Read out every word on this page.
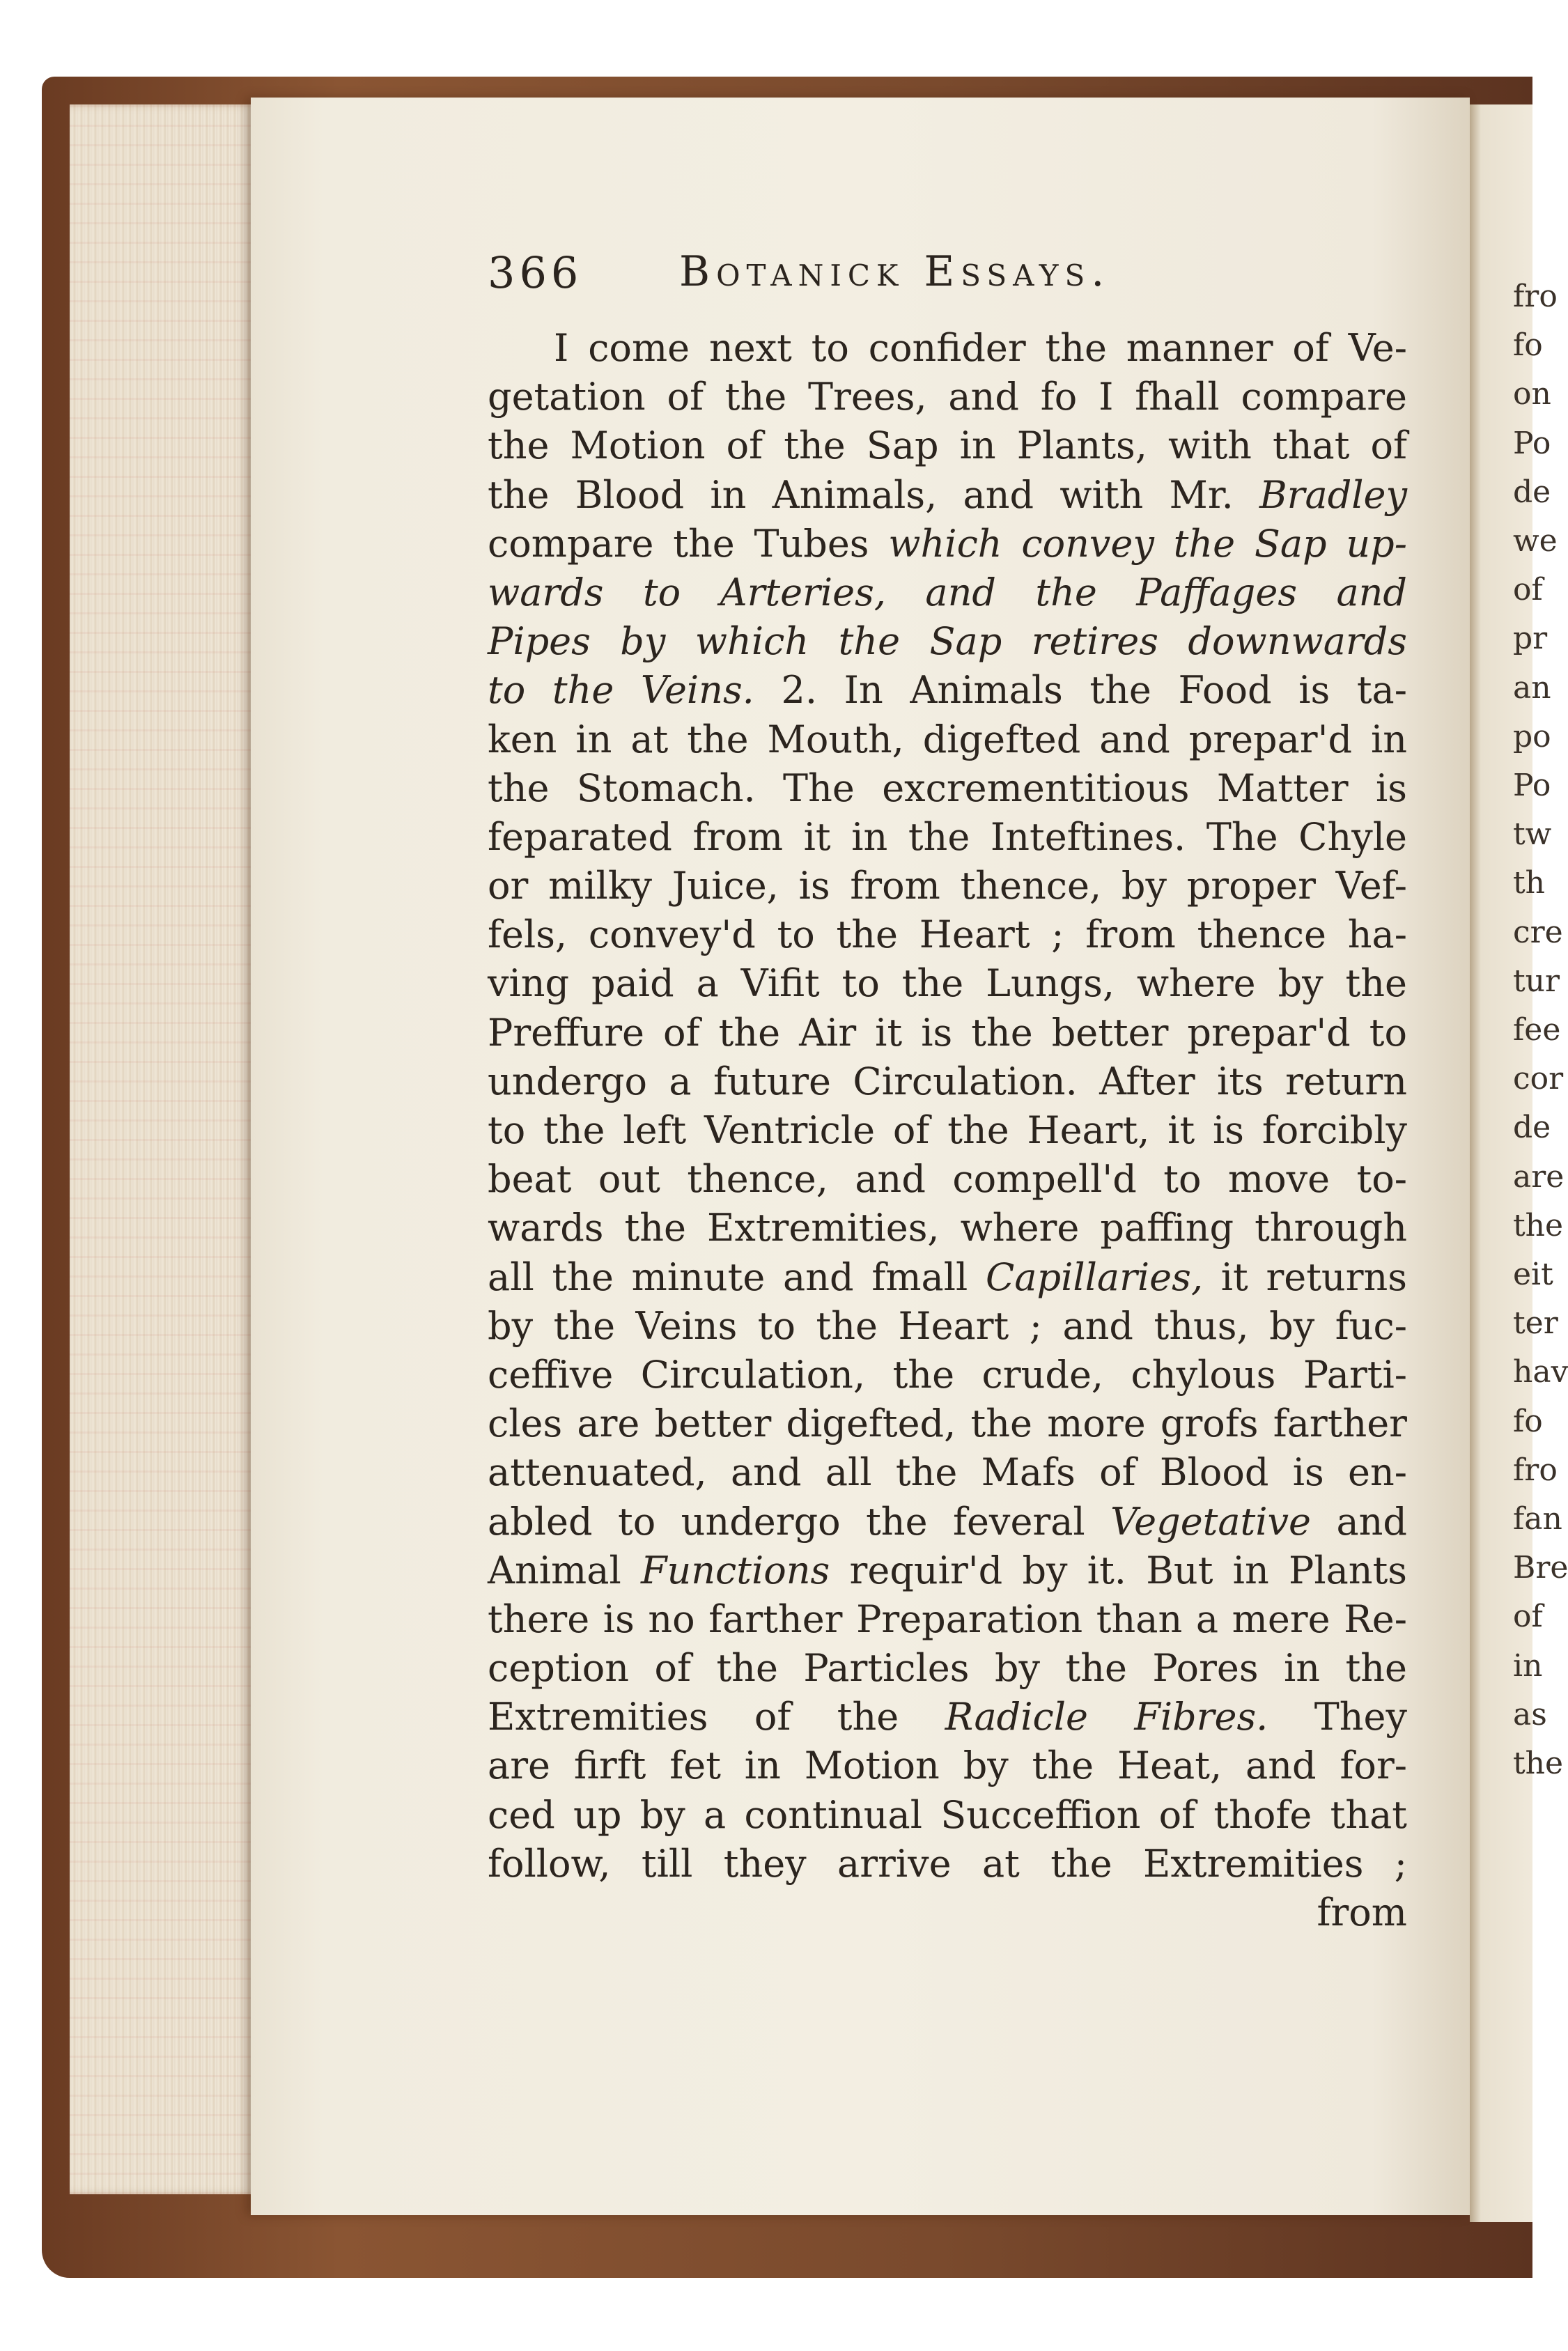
fro
fo
on
Po
de
we
of
pr
an
po
Po
tw
th
cre
tur
fee
cor
de
are
the
eit
ter
hav
fo
fro
fan
Bre
of
in
as
the
366 Botanick Essays.
I come next to confider the manner of Ve-
getation of the Trees, and fo I fhall compare
the Motion of the Sap in Plants, with that of
the Blood in Animals, and with Mr. Bradley
compare the Tubes which convey the Sap up-
wards to Arteries, and the Paffages and
Pipes by which the Sap retires downwards
to the Veins. 2. In Animals the Food is ta-
ken in at the Mouth, digefted and prepar'd in
the Stomach. The excrementitious Matter is
feparated from it in the Inteftines. The Chyle
or milky Juice, is from thence, by proper Vef-
fels, convey'd to the Heart ; from thence ha-
ving paid a Vifit to the Lungs, where by the
Preffure of the Air it is the better prepar'd to
undergo a future Circulation. After its return
to the left Ventricle of the Heart, it is forcibly
beat out thence, and compell'd to move to-
wards the Extremities, where paffing through
all the minute and fmall Capillaries, it returns
by the Veins to the Heart ; and thus, by fuc-
ceffive Circulation, the crude, chylous Parti-
cles are better digefted, the more grofs farther
attenuated, and all the Mafs of Blood is en-
abled to undergo the feveral Vegetative and
Animal Functions requir'd by it. But in Plants
there is no farther Preparation than a mere Re-
ception of the Particles by the Pores in the
Extremities of the Radicle Fibres. They
are firft fet in Motion by the Heat, and for-
ced up by a continual Succeffion of thofe that
follow, till they arrive at the Extremities ;
from
